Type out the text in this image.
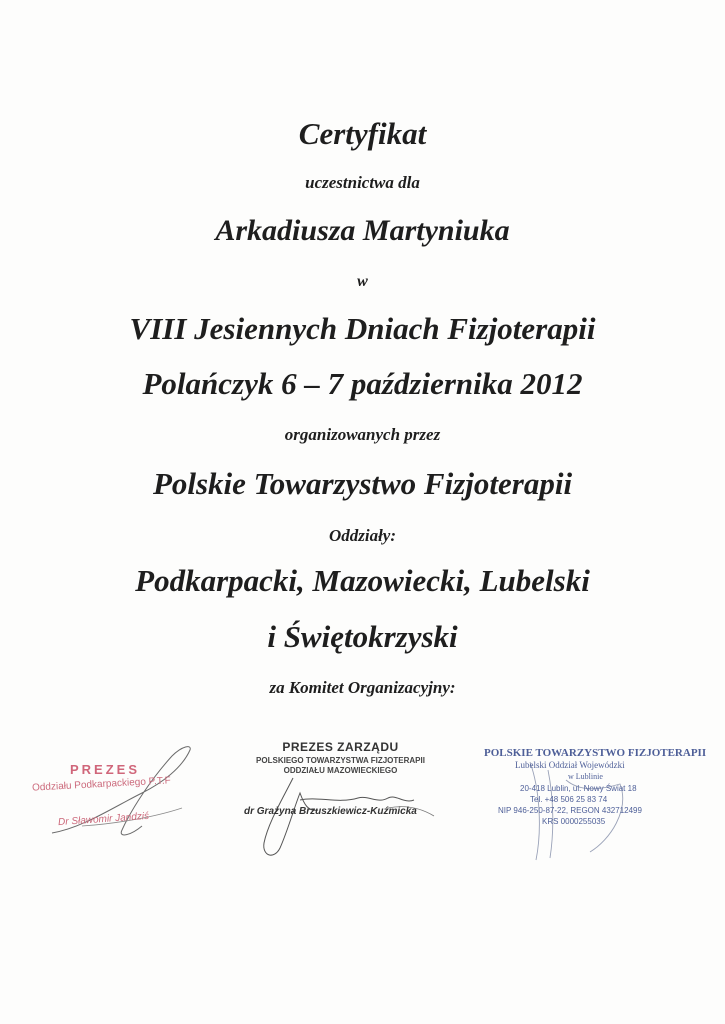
Certyfikat
uczestnictwa dla
Arkadiusza Martyniuka
w
VIII Jesiennych Dniach Fizjoterapii
Polańczyk 6 – 7 października 2012
organizowanych przez
Polskie Towarzystwo Fizjoterapii
Oddziały:
Podkarpacki, Mazowiecki, Lubelski
i Świętokrzyski
za Komitet Organizacyjny:
PREZES
Oddziału Podkarpackiego P.T.F
Dr Sławomir Jandziś
PREZES ZARZĄDU
POLSKIEGO TOWARZYSTWA FIZJOTERAPII
ODDZIAŁU MAZOWIECKIEGO
dr Grażyna Brzuszkiewicz-Kuźmicka
POLSKIE TOWARZYSTWO FIZJOTERAPII
Lubelski Oddział Wojewódzki
w Lublinie
20-418 Lublin, ul. Nowy Świat 18
Tel. +48 506 25 83 74
NIP 946-250-87-22, REGON 432712499
KRS 0000255035
